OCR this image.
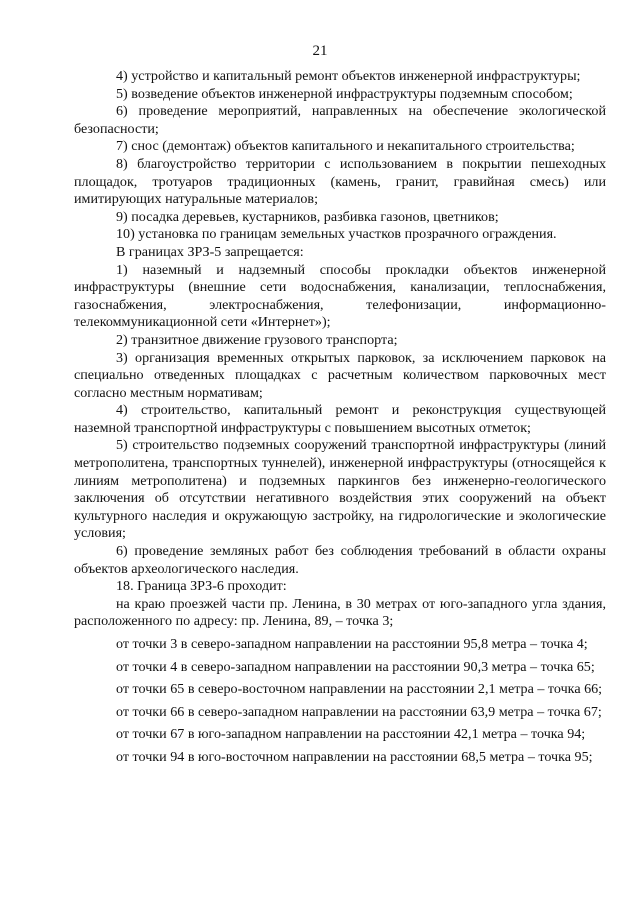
21

4) устройство и капитальный ремонт объектов инженерной инфраструктуры;

5) возведение объектов инженерной инфраструктуры подземным способом;

6) проведение мероприятий, направленных на обеспечение экологической безопасности;

7) снос (демонтаж) объектов капитального и некапитального строительства;

8) благоустройство территории с использованием в покрытии пешеходных площадок, тротуаров традиционных (камень, гранит, гравийная смесь) или имитирующих натуральные материалов;

9) посадка деревьев, кустарников, разбивка газонов, цветников;

10) установка по границам земельных участков прозрачного ограждения.

В границах ЗРЗ-5 запрещается:

1) наземный и надземный способы прокладки объектов инженерной инфраструктуры (внешние сети водоснабжения, канализации, теплоснабжения, газоснабжения, электроснабжения, телефонизации, информационно-телекоммуникационной сети «Интернет»);

2) транзитное движение грузового транспорта;

3) организация временных открытых парковок, за исключением парковок на специально отведенных площадках с расчетным количеством парковочных мест согласно местным нормативам;

4) строительство, капитальный ремонт и реконструкция существующей наземной транспортной инфраструктуры с повышением высотных отметок;

5) строительство подземных сооружений транспортной инфраструктуры (линий метрополитена, транспортных туннелей), инженерной инфраструктуры (относящейся к линиям метрополитена) и подземных паркингов без инженерно-геологического заключения об отсутствии негативного воздействия этих сооружений на объект культурного наследия и окружающую застройку, на гидрологические и экологические условия;

6) проведение земляных работ без соблюдения требований в области охраны объектов археологического наследия.

18. Граница ЗРЗ-6 проходит:

на краю проезжей части пр. Ленина, в 30 метрах от юго-западного угла здания, расположенного по адресу: пр. Ленина, 89, – точка 3;

от точки 3 в северо-западном направлении на расстоянии 95,8 метра – точка 4;

от точки 4 в северо-западном направлении на расстоянии 90,3 метра – точка 65;

от точки 65 в северо-восточном направлении на расстоянии 2,1 метра – точка 66;

от точки 66 в северо-западном направлении на расстоянии 63,9 метра – точка 67;

от точки 67 в юго-западном направлении на расстоянии 42,1 метра – точка 94;

от точки 94 в юго-восточном направлении на расстоянии 68,5 метра – точка 95;
